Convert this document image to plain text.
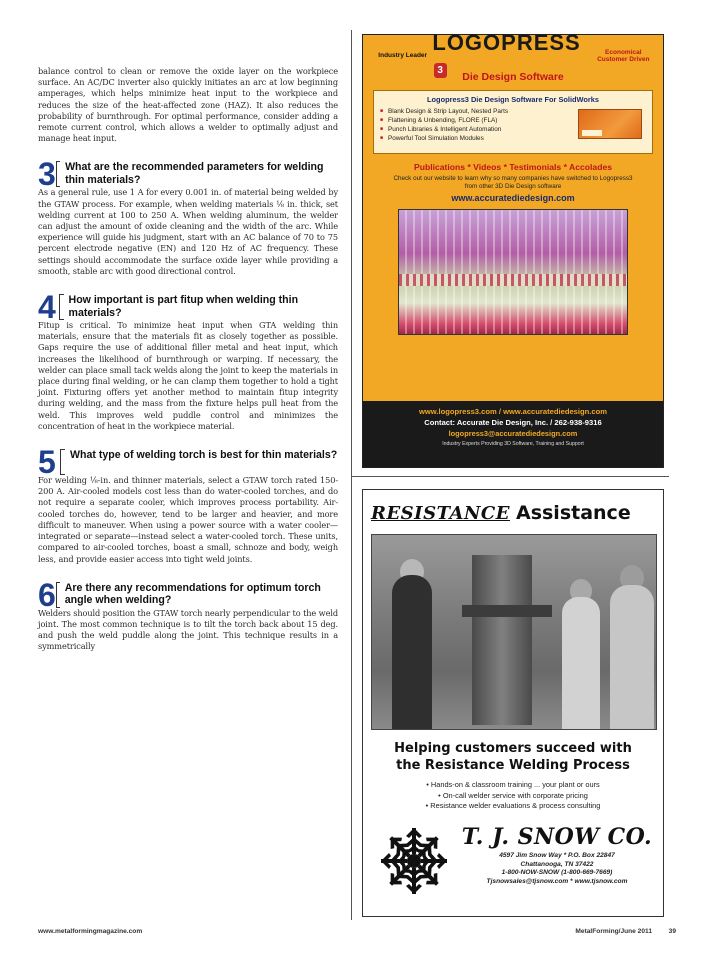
balance control to clean or remove the oxide layer on the workpiece surface. An AC/DC inverter also quickly initiates an arc at low beginning amperages, which helps minimize heat input to the workpiece and reduces the size of the heat-affected zone (HAZ). It also reduces the probability of burnthrough. For optimal performance, consider adding a remote current control, which allows a welder to optimally adjust and manage heat input.

3 What are the recommended parameters for welding thin materials?

As a general rule, use 1 A for every 0.001 in. of material being welded by the GTAW process. For example, when welding materials ⅛ in. thick, set welding current at 100 to 250 A. When welding aluminum, the welder can adjust the amount of oxide cleaning and the width of the arc. While experience will guide his judgment, start with an AC balance of 70 to 75 percent electrode negative (EN) and 120 Hz of AC frequency. These settings should accommodate the surface oxide layer while providing a smooth, stable arc with good directional control.

4 How important is part fitup when welding thin materials?

Fitup is critical. To minimize heat input when GTA welding thin materials, ensure that the materials fit as closely together as possible. Gaps require the use of additional filler metal and heat input, which increases the likelihood of burnthrough or warping. If necessary, the welder can place small tack welds along the joint to keep the materials in place during final welding, or he can clamp them together to hold a tight joint. Fixturing offers yet another method to maintain fitup integrity during welding, and the mass from the fixture helps pull heat from the weld. This improves weld puddle control and minimizes the concentration of heat in the workpiece material.

5	What type of welding torch is best for thin materials?

For welding ⅛-in. and thinner materials, select a GTAW torch rated 150-200 A. Air-cooled models cost less than do water-cooled torches, and do not require a separate cooler, which improves process portability. Air-cooled torches do, however, tend to be larger and heavier, and more difficult to maneuver. When using a power source with a water cooler—integrated or separate—instead select a water-cooled torch. These units, compared to air-cooled torches, boast a small, schnoze and body, weigh less, and provide easier access into tight weld joints.

6 Are there any recommendations for optimum torch angle when welding?

Welders should position the GTAW torch nearly perpendicular to the weld joint. The most common technique is to tilt the torch back about 15 deg. and push the weld puddle along the joint. This technique results in a symmetrically

Industry Leader
LOGOPRESS3
Economical Customer Driven
Die Design Software
Logopress3 Die Design Software For SolidWorks
■ Blank Design & Strip Layout, Nested Parts
■ Flattening & Unbending, FLORE (FLA)
■ Punch Libraries & Intelligent Automation
■ Powerful Tool Simulation Modules
Publications * Videos * Testimonials * Accolades
Check out our website to learn why so many companies have switched to Logopress3 from other 3D Die Design software
www.accuratediedesign.com
www.logopress3.com / www.accuratediedesign.com
Contact: Accurate Die Design, Inc. / 262-938-9316
logopress3@accuratediedesign.com
Industry Experts Providing 3D Software, Training and Support
RESISTANCE Assistance
Helping customers succeed with
the Resistance Welding Process
• Hands-on & classroom training ... your plant or ours
• On-call welder service with corporate pricing
• Resistance welder evaluations & process consulting
T. J. SNOW CO.
4597 Jim Snow Way * P.O. Box 22847
Chattanooga, TN 37422
1-800-NOW-SNOW (1-800-669-7669)
Tjsnowsales@tjsnow.com * www.tjsnow.com
www.metalformingmagazine.com	MetalForming/June 2011	39
